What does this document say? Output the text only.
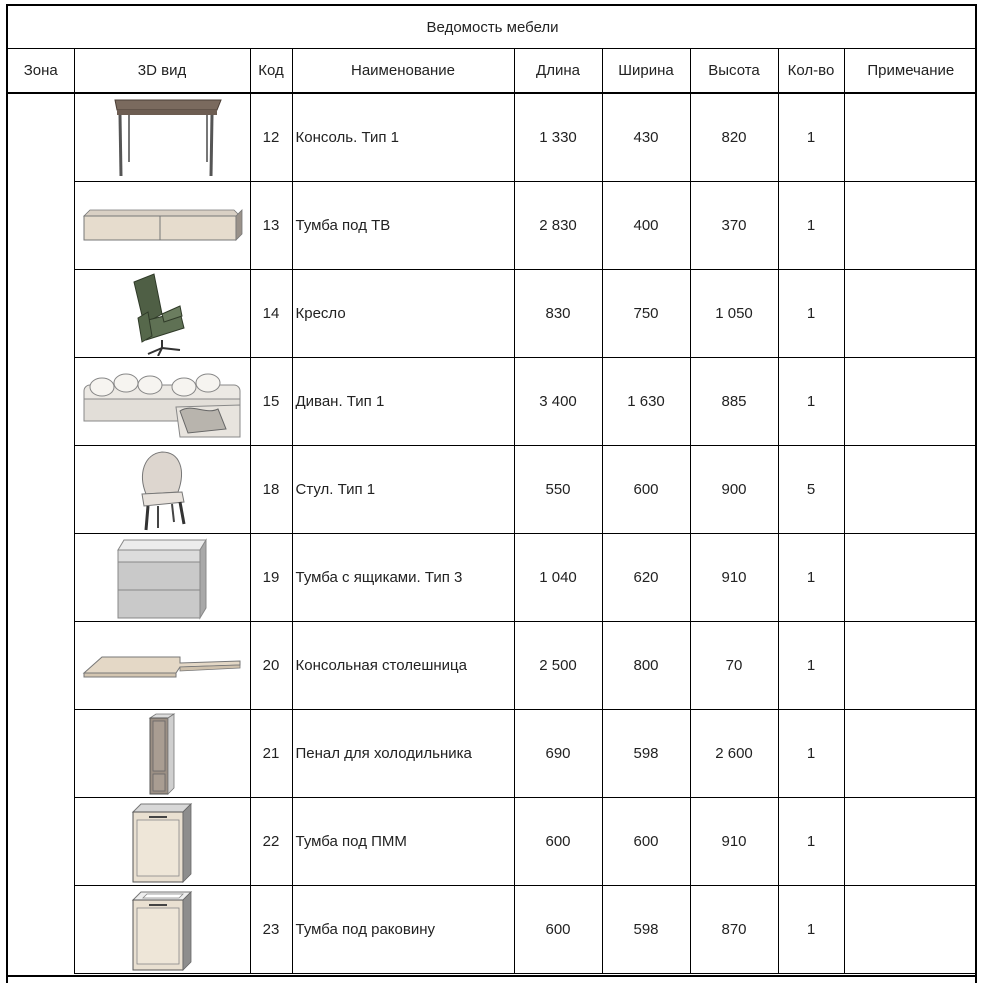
Ведомость мебели								
Зона	3D вид	Код	Наименование	Длина	Ширина	Высота	Кол-во	Примечание

	12	Консоль. Тип 1	1 330	430	820	1	

	13	Тумба под ТВ	2 830	400	370	1	

	14	Кресло	830	750	1 050	1	

	15	Диван. Тип 1	3 400	1 630	885	1	

	18	Стул. Тип 1	550	600	900	5	

	19	Тумба с ящиками. Тип 3	1 040	620	910	1	

	20	Консольная столешница	2 500	800	70	1	

	21	Пенал для холодильника	690	598	2 600	1	

	22	Тумба под ПММ	600	600	910	1	

	23	Тумба под раковину	600	598	870	1	
